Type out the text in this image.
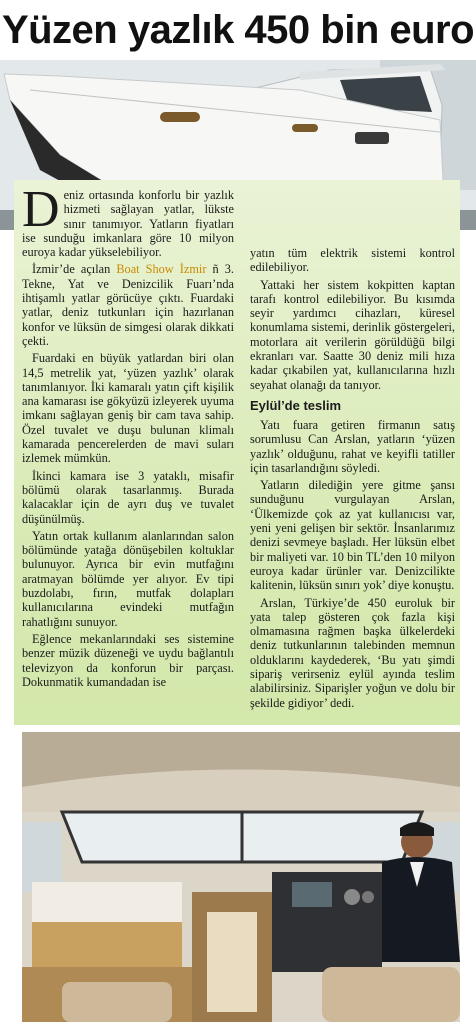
Yüzen yazlık 450 bin euro

Deniz ortasında konforlu bir yazlık hizmeti sağlayan yatlar, lükste sınır tanımıyor. Yatların fiyatları ise sunduğu imkanlara göre 10 milyon euroya kadar yükselebiliyor.

İzmir’de açılan Boat Show İzmir ñ 3. Tekne, Yat ve Denizcilik Fuarı’nda ihtişamlı yatlar görücüye çıktı. Fuardaki yatlar, deniz tutkunları için hazırlanan konfor ve lüksün de simgesi olarak dikkati çekti.

Fuardaki en büyük yatlardan biri olan 14,5 metrelik yat, ‘yüzen yazlık’ olarak tanımlanıyor. İki kamaralı yatın çift kişilik ana kamarası ise gökyüzü izleyerek uyuma imkanı sağlayan geniş bir cam tava sahip. Özel tuvalet ve duşu bulunan klimalı kamarada pencerelerden de mavi suları izlemek mümkün.

İkinci kamara ise 3 yataklı, misafir bölümü olarak tasarlanmış. Burada kalacaklar için de ayrı duş ve tuvalet düşünülmüş.

Yatın ortak kullanım alanlarından salon bölümünde yatağa dönüşebilen koltuklar bulunuyor. Ayrıca bir evin mutfağını aratmayan bölümde yer alıyor. Ev tipi buzdolabı, fırın, mutfak dolapları kullanıcılarına evindeki mutfağın rahatlığını sunuyor.

Eğlence mekanlarındaki ses sistemine benzer müzik düzeneği ve uydu bağlantılı televizyon da konforun bir parçası. Dokunmatik kumandadan ise

yatın tüm elektrik sistemi kontrol edilebiliyor.

Yattaki her sistem kokpitten kaptan tarafı kontrol edilebiliyor. Bu kısımda seyir yardımcı cihazları, küresel konumlama sistemi, derinlik göstergeleri, motorlara ait verilerin görüldüğü bilgi ekranları var. Saatte 30 deniz mili hıza kadar çıkabilen yat, kullanıcılarına hızlı seyahat olanağı da tanıyor.

Eylül’de teslim

Yatı fuara getiren firmanın satış sorumlusu Can Arslan, yatların ‘yüzen yazlık’ olduğunu, rahat ve keyifli tatiller için tasarlandığını söyledi.

Yatların dilediğin yere gitme şansı sunduğunu vurgulayan Arslan, ‘Ülkemizde çok az yat kullanıcısı var, yeni yeni gelişen bir sektör. İnsanlarımız denizi sevmeye başladı. Her lüksün elbet bir maliyeti var. 10 bin TL’den 10 milyon euroya kadar ürünler var. Denizcilikte kalitenin, lüksün sınırı yok’ diye konuştu.

Arslan, Türkiye’de 450 euroluk bir yata talep gösteren çok fazla kişi olmamasına rağmen başka ülkelerdeki deniz tutkunlarının talebinden memnun olduklarını kaydederek, ‘Bu yatı şimdi sipariş verirseniz eylül ayında teslim alabilirsiniz. Siparişler yoğun ve dolu bir şekilde gidiyor’ dedi.
